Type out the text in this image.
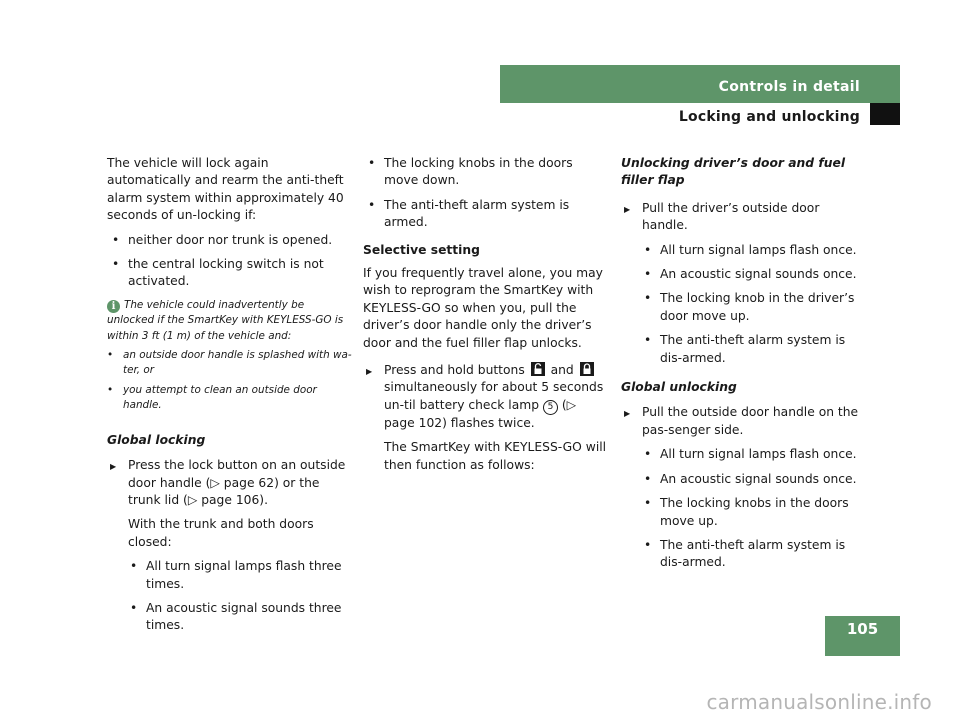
Controls in detail
Locking and unlocking

The vehicle will lock again automatically and rearm the anti-theft alarm system within approximately 40 seconds of un-locking if:

• neither door nor trunk is opened.
• the central locking switch is not activated.
i The vehicle could inadvertently be unlocked if the SmartKey with KEYLESS-GO is within 3 ft (1 m) of the vehicle and:
• an outside door handle is splashed with wa-ter, or
• you attempt to clean an outside door handle.
Global locking
▶ Press the lock button on an outside door handle (▷ page 62) or the trunk lid (▷ page 106).
With the trunk and both doors closed:
• All turn signal lamps flash three times.
• An acoustic signal sounds three times.
• The locking knobs in the doors move down.
• The anti-theft alarm system is armed.
Selective setting

If you frequently travel alone, you may wish to reprogram the SmartKey with KEYLESS-GO so when you, pull the driver’s door handle only the driver’s door and the fuel filler flap unlocks.

▶ Press and hold buttons and
simultaneously for about 5 seconds un-til battery check lamp 5 (▷ page 102) flashes twice.
The SmartKey with KEYLESS-GO will then function as follows:
Unlocking driver’s door and fuel filler flap
▶ Pull the driver’s outside door handle.
• All turn signal lamps flash once.
• An acoustic signal sounds once.
• The locking knob in the driver’s door move up.
• The anti-theft alarm system is dis-armed.
Global unlocking
▶ Pull the outside door handle on the pas-senger side.
• All turn signal lamps flash once.
• An acoustic signal sounds once.
• The locking knobs in the doors move up.
• The anti-theft alarm system is dis-armed.
105
carmanualsonline.info
